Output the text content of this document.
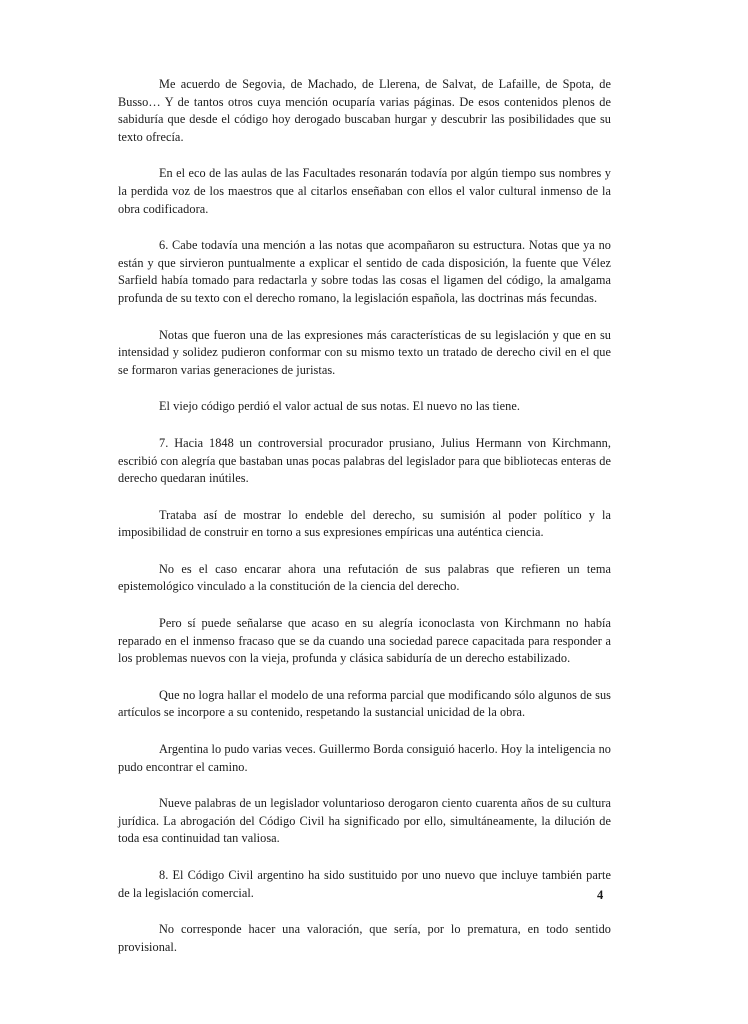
Me acuerdo de Segovia, de Machado, de Llerena, de Salvat, de Lafaille, de Spota, de Busso… Y de tantos otros cuya mención ocuparía varias páginas. De esos contenidos plenos de sabiduría que desde el código hoy derogado buscaban hurgar y descubrir las posibilidades que su texto ofrecía.

En el eco de las aulas de las Facultades resonarán todavía por algún tiempo sus nombres y la perdida voz de los maestros que al citarlos enseñaban con ellos el valor cultural inmenso de la obra codificadora.

6. Cabe todavía una mención a las notas que acompañaron su estructura. Notas que ya no están y que sirvieron puntualmente a explicar el sentido de cada disposición, la fuente que Vélez Sarfield había tomado para redactarla y sobre todas las cosas el ligamen del código, la amalgama profunda de su texto con el derecho romano, la legislación española, las doctrinas más fecundas.

Notas que fueron una de las expresiones más características de su legislación y que en su intensidad y solidez pudieron conformar con su mismo texto un tratado de derecho civil en el que se formaron varias generaciones de juristas.

El viejo código perdió el valor actual de sus notas. El nuevo no las tiene.

7. Hacia 1848 un controversial procurador prusiano, Julius Hermann von Kirchmann, escribió con alegría que bastaban unas pocas palabras del legislador para que bibliotecas enteras de derecho quedaran inútiles.

Trataba así de mostrar lo endeble del derecho, su sumisión al poder político y la imposibilidad de construir en torno a sus expresiones empíricas una auténtica ciencia.

No es el caso encarar ahora una refutación de sus palabras que refieren un tema epistemológico vinculado a la constitución de la ciencia del derecho.

Pero sí puede señalarse que acaso en su alegría iconoclasta von Kirchmann no había reparado en el inmenso fracaso que se da cuando una sociedad parece capacitada para responder a los problemas nuevos con la vieja, profunda y clásica sabiduría de un derecho estabilizado.

Que no logra hallar el modelo de una reforma parcial que modificando sólo algunos de sus artículos se incorpore a su contenido, respetando la sustancial unicidad de la obra.

Argentina lo pudo varias veces. Guillermo Borda consiguió hacerlo. Hoy la inteligencia no pudo encontrar el camino.

Nueve palabras de un legislador voluntarioso derogaron ciento cuarenta años de su cultura jurídica. La abrogación del Código Civil ha significado por ello, simultáneamente, la dilución de toda esa continuidad tan valiosa.

8. El Código Civil argentino ha sido sustituido por uno nuevo que incluye también parte de la legislación comercial.

No corresponde hacer una valoración, que sería, por lo prematura, en todo sentido provisional.

4
